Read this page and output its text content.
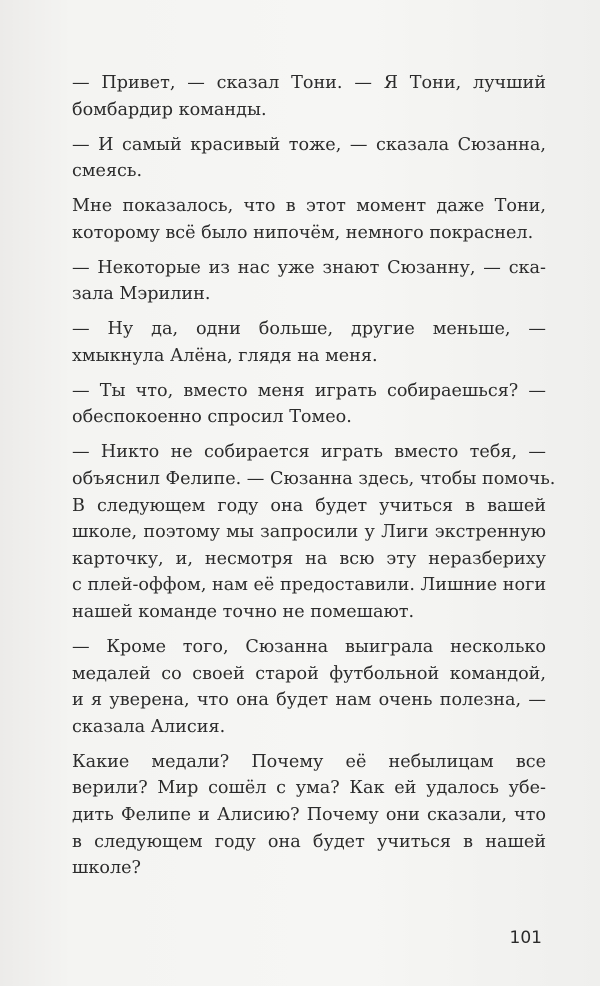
— Привет, — сказал Тони. — Я Тони, лучший
бомбардир команды.
— И самый красивый тоже, — сказала Сюзанна,
смеясь.
Мне показалось, что в этот момент даже Тони,
которому всё было нипочём, немного покраснел.
— Некоторые из нас уже знают Сюзанну, — ска-
зала Мэрилин.
— Ну да, одни больше, другие меньше, —
хмыкнула Алёна, глядя на меня.
— Ты что, вместо меня играть собираешься? —
обеспокоенно спросил Томео.
— Никто не собирается играть вместо тебя, —
объяснил Фелипе. — Сюзанна здесь, чтобы помочь.
В следующем году она будет учиться в вашей
школе, поэтому мы запросили у Лиги экстренную
карточку, и, несмотря на всю эту неразбериху
с плей-оффом, нам её предоставили. Лишние ноги
нашей команде точно не помешают.
— Кроме того, Сюзанна выиграла несколько
медалей со своей старой футбольной командой,
и я уверена, что она будет нам очень полезна, —
сказала Алисия.
Какие медали? Почему её небылицам все
верили? Мир сошёл с ума? Как ей удалось убе-
дить Фелипе и Алисию? Почему они сказали, что
в следующем году она будет учиться в нашей
школе?
101
